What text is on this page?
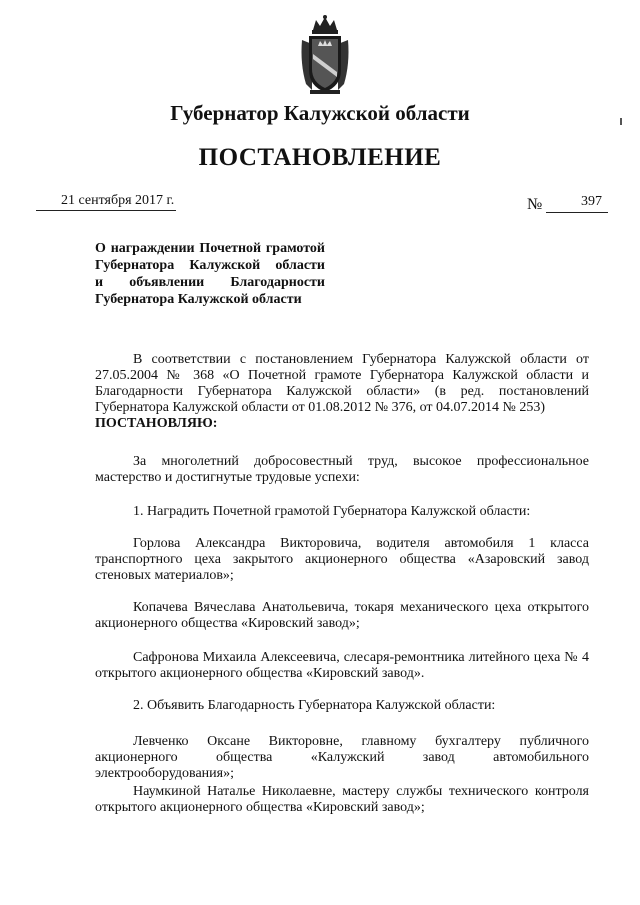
Губернатор Калужской области
ПОСТАНОВЛЕНИЕ
21 сентября 2017 г.	№	397
О награждении Почетной грамотой
Губернатора Калужской области
и объявлении Благодарности
Губернатора Калужской области

В соответствии с постановлением Губернатора Калужской области от 27.05.2004 № 368 «О Почетной грамоте Губернатора Калужской области и Благодарности Губернатора Калужской области» (в ред. постановлений Губернатора Калужской области от 01.08.2012 № 376, от 04.07.2014 № 253)

ПОСТАНОВЛЯЮ:

За многолетний добросовестный труд, высокое профессиональное мастерство и достигнутые трудовые успехи:

1. Наградить Почетной грамотой Губернатора Калужской области:

Горлова Александра Викторовича, водителя автомобиля 1 класса транспортного цеха закрытого акционерного общества «Азаровский завод стеновых материалов»;

Копачева Вячеслава Анатольевича, токаря механического цеха открытого акционерного общества «Кировский завод»;

Сафронова Михаила Алексеевича, слесаря-ремонтника литейного цеха № 4 открытого акционерного общества «Кировский завод».

2. Объявить Благодарность Губернатора Калужской области:

Левченко Оксане Викторовне, главному бухгалтеру публичного акционерного общества «Калужский завод автомобильного электрооборудования»;

Наумкиной Наталье Николаевне, мастеру службы технического контроля открытого акционерного общества «Кировский завод»;
